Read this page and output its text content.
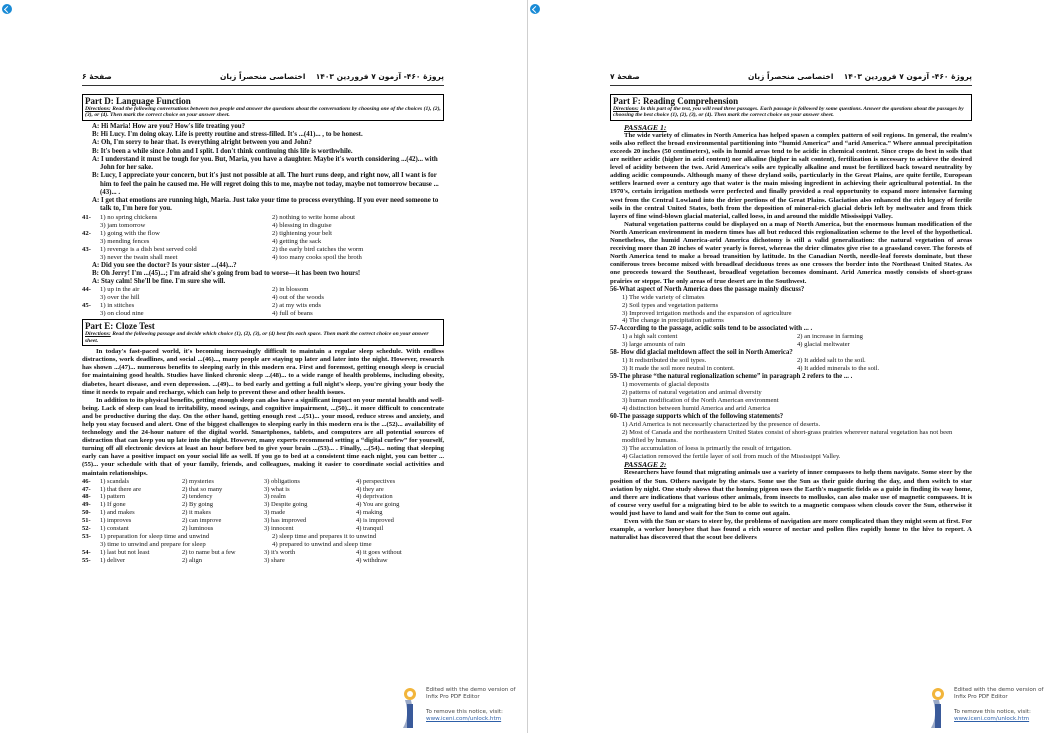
صفحهٔ ۶	اختصاصی منحصراً زبان پروژهٔ ۴۶۰- آزمون ۷ فروردین ۱۴۰۳
Part D: Language Function
Directions: Read the following conversations between two people and answer the questions about the conversations by choosing one of the choices (1), (2), (3), or (4). Then mark the correct choice on your answer sheet.
A: Hi Maria! How are you? How's life treating you?
B: Hi Lucy. I'm doing okay. Life is pretty routine and stress-filled. It's ...(41)... , to be honest.
A: Oh, I'm sorry to hear that. Is everything alright between you and John?
B: It's been a while since John and I split. I don't think continuing this life is worthwhile.
A: I understand it must be tough for you. But, Maria, you have a daughter. Maybe it's worth considering ...(42)... with John for her sake.
B: Lucy, I appreciate your concern, but it's just not possible at all. The hurt runs deep, and right now, all I want is for him to feel the pain he caused me. He will regret doing this to me, maybe not today, maybe not tomorrow because ...(43)... .
A: I get that emotions are running high, Maria. Just take your time to process everything. If you ever need someone to talk to, I'm here for you.
41-	1) no spring chickens	2) nothing to write home about
3) jam tomorrow	4) blessing in disguise
42-	1) going with the flow	2) tightening your belt
3) mending fences	4) getting the sack
43-	1) revenge is a dish best served cold	2) the early bird catches the worm
3) never the twain shall meet	4) too many cooks spoil the broth
A: Did you see the doctor? Is your sister ...(44)...?
B: Oh Jerry! I'm ...(45)...; I'm afraid she's going from bad to worse—it has been two hours!
A: Stay calm! She'll be fine. I'm sure she will.
44-	1) up in the air	2) in blossom
3) over the hill	4) out of the woods
45-	1) in stitches	2) at my wits ends
3) on cloud nine	4) full of beans
Part E: Cloze Test
Directions: Read the following passage and decide which choice (1), (2), (3), or (4) best fits each space. Then mark the correct choice on your answer sheet.
In today's fast-paced world, it's becoming increasingly difficult to maintain a regular sleep schedule. With endless distractions, work deadlines, and social ...(46)..., many people are staying up later and later into the night. However, research has shown ...(47)... numerous benefits to sleeping early in this modern era. First and foremost, getting enough sleep is crucial for maintaining good health. Studies have linked chronic sleep ...(48)... to a wide range of health problems, including obesity, diabetes, heart disease, and even depression. ...(49)... to bed early and getting a full night's sleep, you're giving your body the time it needs to repair and recharge, which can help to prevent these and other health issues.
In addition to its physical benefits, getting enough sleep can also have a significant impact on your mental health and well-being. Lack of sleep can lead to irritability, mood swings, and cognitive impairment, ...(50)... it more difficult to concentrate and be productive during the day. On the other hand, getting enough rest ...(51)... your mood, reduce stress and anxiety, and help you stay focused and alert. One of the biggest challenges to sleeping early in this modern era is the ...(52)... availability of technology and the 24-hour nature of the digital world. Smartphones, tablets, and computers are all potential sources of distraction that can keep you up late into the night. However, many experts recommend setting a “digital curfew” for yourself, turning off all electronic devices at least an hour before bed to give your brain ...(53)... . Finally, ...(54)... noting that sleeping early can have a positive impact on your social life as well. If you go to bed at a consistent time each night, you can better ...(55)... your schedule with that of your family, friends, and colleagues, making it easier to coordinate social activities and maintain relationships.
46-	1) scandals	2) mysteries	3) obligations	4) perspectives
47-	1) that there are	2) that so many	3) what is	4) they are
48-	1) pattern	2) tendency	3) realm	4) deprivation
49-	1) If gone	2) By going	3) Despite going	4) You are going
50-	1) and makes	2) it makes	3) made	4) making
51-	1) improves	2) can improve	3) has improved	4) is improved
52-	1) constant	2) luminous	3) innocent	4) tranquil
53-	1) preparation for sleep time and unwind	2) sleep time and prepares it to unwind
3) time to unwind and prepare for sleep	4) prepared to unwind and sleep time
54-	1) last but not least	2) to name but a few	3) it's worth	4) it goes without
55-	1) deliver	2) align	3) share	4) withdraw
Edited with the demo version of
Infix Pro PDF Editor
To remove this notice, visit:
www.iceni.com/unlock.htm
صفحهٔ ۷	اختصاصی منحصراً زبان پروژهٔ ۴۶۰- آزمون ۷ فروردین ۱۴۰۳
Part F: Reading Comprehension
Directions: In this part of the test, you will read three passages. Each passage is followed by some questions. Answer the questions about the passages by choosing the best choice (1), (2), (3), or (4). Then mark the correct choice on your answer sheet.
PASSAGE 1:
The wide variety of climates in North America has helped spawn a complex pattern of soil regions. In general, the realm's soils also reflect the broad environmental partitioning into “humid America” and “arid America.” Where annual precipitation exceeds 20 inches (50 centimeters), soils in humid areas tend to be acidic in chemical content. Since crops do best in soils that are neither acidic (higher in acid content) nor alkaline (higher in salt content), fertilization is necessary to achieve the desired level of acidity between the two. Arid America's soils are typically alkaline and must be fertilized back toward neutrality by adding acidic compounds. Although many of these dryland soils, particularly in the Great Plains, are quite fertile, European settlers learned over a century ago that water is the main missing ingredient in achieving their agricultural potential. In the 1970's, certain irrigation methods were perfected and finally provided a real opportunity to expand more intensive farming west from the Central Lowland into the drier portions of the Great Plains. Glaciation also enhanced the rich legacy of fertile soils in the central United States, both from the deposition of mineral-rich glacial debris left by meltwater and from thick layers of fine wind-blown glacial material, called loess, in and around the middle Mississippi Valley.
Natural vegetation patterns could be displayed on a map of North America, but the enormous human modification of the North American environment in modern times has all but reduced this regionalization scheme to the level of the hypothetical. Nonetheless, the humid America-arid America dichotomy is still a valid generalization: the natural vegetation of areas receiving more than 20 inches of water yearly is forest, whereas the drier climates give rise to a grassland cover. The forests of North America tend to make a broad transition by latitude. In the Canadian North, needle-leaf forests dominate, but these coniferous trees become mixed with broadleaf deciduous trees as one crosses the border into the Northeast United States. As one proceeds toward the Southeast, broadleaf vegetation becomes dominant. Arid America mostly consists of short-grass prairies or steppe. The only areas of true desert are in the Southwest.
56-What aspect of North America does the passage mainly discuss?
1) The wide variety of climates
2) Soil types and vegetation patterns
3) Improved irrigation methods and the expansion of agriculture
4) The change in precipitation patterns
57-According to the passage, acidic soils tend to be associated with ... .
1) a high salt content	2) an increase in farming
3) large amounts of rain	4) glacial meltwater
58- How did glacial meltdown affect the soil in North America?
1) It redistributed the soil types.	2) It added salt to the soil.
3) It made the soil more neutral in content.	4) It added minerals to the soil.
59-The phrase “the natural regionalization scheme” in paragraph 2 refers to the ... .
1) movements of glacial deposits
2) patterns of natural vegetation and animal diversity
3) human modification of the North American environment
4) distinction between humid America and arid America
60-The passage supports which of the following statements?
1) Arid America is not necessarily characterized by the presence of deserts.
2) Most of Canada and the northeastern United States consist of short-grass prairies wherever natural vegetation has not been modified by humans.
3) The accumulation of loess is primarily the result of irrigation.
4) Glaciation removed the fertile layer of soil from much of the Mississippi Valley.
PASSAGE 2:
Researchers have found that migrating animals use a variety of inner compasses to help them navigate. Some steer by the position of the Sun. Others navigate by the stars. Some use the Sun as their guide during the day, and then switch to star aviation by night. One study shows that the homing pigeon uses the Earth's magnetic fields as a guide in finding its way home, and there are indications that various other animals, from insects to mollusks, can also make use of magnetic compasses. It is of course very useful for a migrating bird to be able to switch to a magnetic compass when clouds cover the Sun, otherwise it would just have to land and wait for the Sun to come out again.
Even with the Sun or stars to steer by, the problems of navigation are more complicated than they might seem at first. For example, a worker honeybee that has found a rich source of nectar and pollen flies rapidly home to the hive to report. A naturalist has discovered that the scout bee delivers
Edited with the demo version of
Infix Pro PDF Editor
To remove this notice, visit:
www.iceni.com/unlock.htm
